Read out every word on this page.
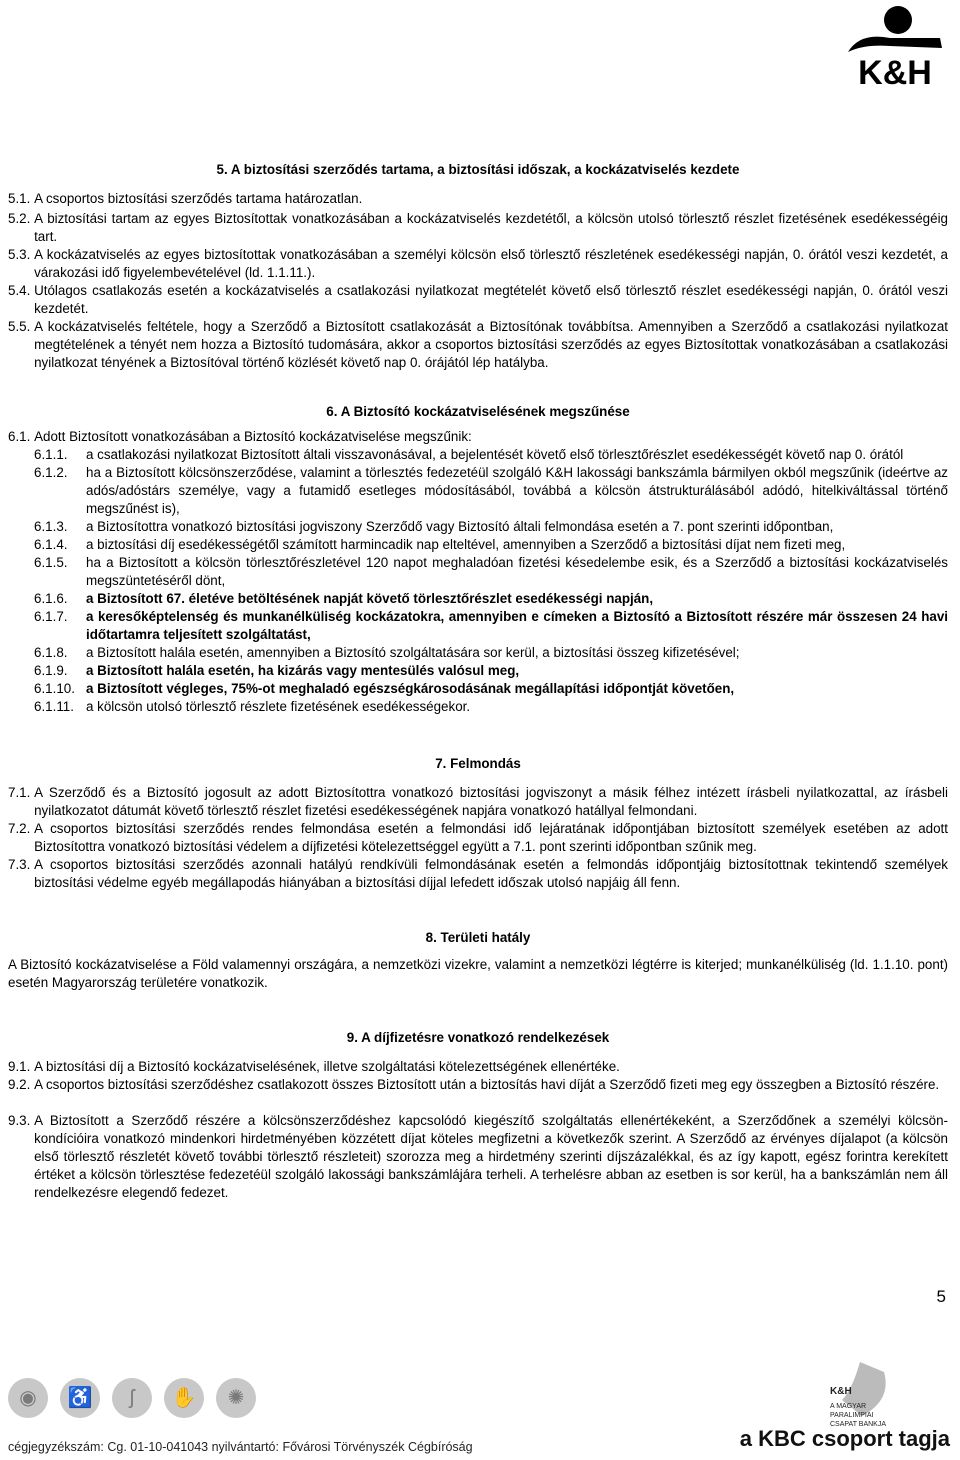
K&H
5. A biztosítási szerződés tartama, a biztosítási időszak, a kockázatviselés kezdete
5.1.
A csoportos biztosítási szerződés tartama határozatlan.
5.2.
A biztosítási tartam az egyes Biztosítottak vonatkozásában a kockázatviselés kezdetétől, a kölcsön utolsó törlesztő részlet fizetésének esedékességéig tart.
5.3.
A kockázatviselés az egyes biztosítottak vonatkozásában a személyi kölcsön első törlesztő részletének esedékességi napján, 0. órától veszi kezdetét, a várakozási idő figyelembevételével (ld. 1.1.11.).
5.4.
Utólagos csatlakozás esetén a kockázatviselés a csatlakozási nyilatkozat megtételét követő első törlesztő részlet esedékességi napján, 0. órától veszi kezdetét.
5.5.
A kockázatviselés feltétele, hogy a Szerződő a Biztosított csatlakozását a Biztosítónak továbbítsa. Amennyiben a Szerződő a csatlakozási nyilatkozat megtételének a tényét nem hozza a Biztosító tudomására, akkor a csoportos biztosítási szerződés az egyes Biztosítottak vonatkozásában a csatlakozási nyilatkozat tényének a Biztosítóval történő közlését követő nap 0. órájától lép hatályba.
6. A Biztosító kockázatviselésének megszűnése
6.1.
Adott Biztosított vonatkozásában a Biztosító kockázatviselése megszűnik:
6.1.1.	a csatlakozási nyilatkozat Biztosított általi visszavonásával, a bejelentését követő első törlesztőrészlet esedékességét követő nap 0. órától
6.1.2.	ha a Biztosított kölcsönszerződése, valamint a törlesztés fedezetéül szolgáló K&H lakossági bankszámla bármilyen okból megszűnik (ideértve az adós/adóstárs személye, vagy a futamidő esetleges módosításából, továbbá a kölcsön átstrukturálásából adódó, hitelkiváltással történő megszűnést is),
6.1.3.	a Biztosítottra vonatkozó biztosítási jogviszony Szerződő vagy Biztosító általi felmondása esetén a 7. pont szerinti időpontban,
6.1.4.	a biztosítási díj esedékességétől számított harmincadik nap elteltével, amennyiben a Szerződő a biztosítási díjat nem fizeti meg,
6.1.5.	ha a Biztosított a kölcsön törlesztőrészletével 120 napot meghaladóan fizetési késedelembe esik, és a Szerződő a biztosítási kockázatviselés megszüntetéséről dönt,
6.1.6.	a Biztosított 67. életéve betöltésének napját követő törlesztőrészlet esedékességi napján,
6.1.7.	a keresőképtelenség és munkanélküliség kockázatokra, amennyiben e címeken a Biztosító a Biztosított részére már összesen 24 havi időtartamra teljesített szolgáltatást,
6.1.8.	a Biztosított halála esetén, amennyiben a Biztosító szolgáltatására sor kerül, a biztosítási összeg kifizetésével;
6.1.9.	a Biztosított halála esetén, ha kizárás vagy mentesülés valósul meg,
6.1.10. a Biztosított végleges, 75%-ot meghaladó egészségkárosodásának megállapítási időpontját követően,
6.1.11. a kölcsön utolsó törlesztő részlete fizetésének esedékességekor.
7. Felmondás
7.1.
A Szerződő és a Biztosító jogosult az adott Biztosítottra vonatkozó biztosítási jogviszonyt a másik félhez intézett írásbeli nyilatkozattal, az írásbeli nyilatkozatot dátumát követő törlesztő részlet fizetési esedékességének napjára vonatkozó hatállyal felmondani.
7.2.
A csoportos biztosítási szerződés rendes felmondása esetén a felmondási idő lejáratának időpontjában biztosított személyek esetében az adott Biztosítottra vonatkozó biztosítási védelem a díjfizetési kötelezettséggel együtt a 7.1. pont szerinti időpontban szűnik meg.
7.3.
A csoportos biztosítási szerződés azonnali hatályú rendkívüli felmondásának esetén a felmondás időpontjáig biztosítottnak tekintendő személyek biztosítási védelme egyéb megállapodás hiányában a biztosítási díjjal lefedett időszak utolsó napjáig áll fenn.
8. Területi hatály
A Biztosító kockázatviselése a Föld valamennyi országára, a nemzetközi vizekre, valamint a nemzetközi légtérre is kiterjed; munkanélküliség (ld. 1.1.10. pont) esetén Magyarország területére vonatkozik.
9. A díjfizetésre vonatkozó rendelkezések
9.1.
A biztosítási díj a Biztosító kockázatviselésének, illetve szolgáltatási kötelezettségének ellenértéke.
9.2.
A csoportos biztosítási szerződéshez csatlakozott összes Biztosított után a biztosítás havi díját a Szerződő fizeti meg egy összegben a Biztosító részére.
9.3.
A Biztosított a Szerződő részére a kölcsönszerződéshez kapcsolódó kiegészítő szolgáltatás ellenértékeként, a Szerződőnek a személyi kölcsön-kondícióira vonatkozó mindenkori hirdetményében közzétett díjat köteles megfizetni a következők szerint. A Szerződő az érvényes díjalapot (a kölcsön első törlesztő részletét követő további törlesztő részleteit) szorozza meg a hirdetmény szerinti díjszázalékkal, és az így kapott, egész forintra kerekített értéket a kölcsön törlesztése fedezetéül szolgáló lakossági bankszámlájára terheli. A terhelésre abban az esetben is sor kerül, ha a bankszámlán nem áll rendelkezésre elegendő fedezet.
5
◉	♿	ʃ	✋	✺	K&H
A MAGYAR
PARALIMPIAI
CSAPAT BANKJA
cégjegyzékszám: Cg. 01-10-041043 nyilvántartó: Fővárosi Törvényszék Cégbíróság	a KBC csoport tagja
